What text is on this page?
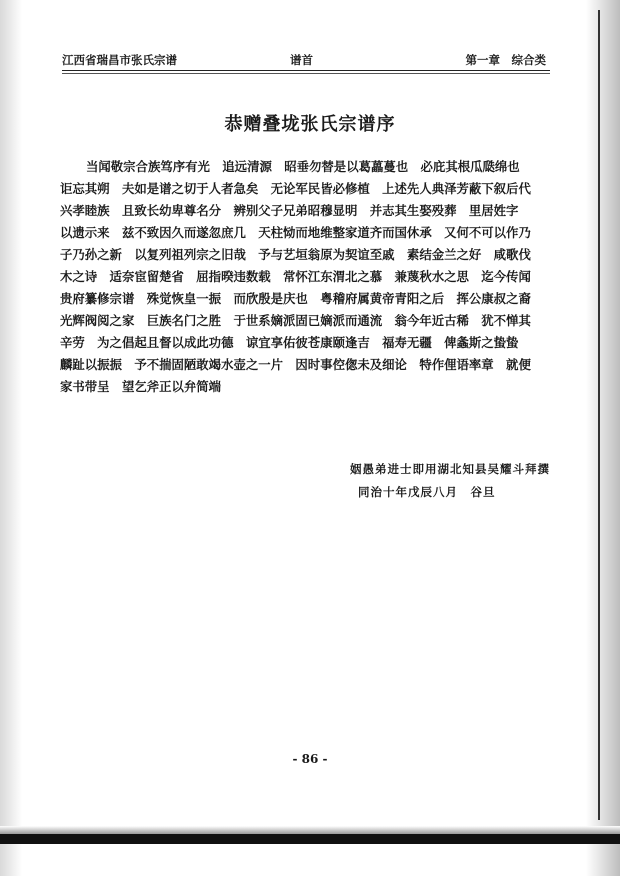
江西省瑞昌市张氏宗谱	谱首	第一章　综合类
恭赠叠垅张氏宗谱序
当闻敬宗合族笃序有光　追远清源　昭垂勿替是以葛藟蔓也　必庇其根瓜瓞绵也
讵忘其朔　夫如是谱之切于人者急矣　无论军民皆必修植　上述先人典泽芳蔽下叙后代
兴孝睦族　且致长幼卑尊名分　辨别父子兄弟昭穆显明　并志其生娶殁葬　里居姓字
以遗示来　兹不致因久而遂忽庶几　天柱恸而地维整家道齐而国休承　又何不可以作乃
子乃孙之新　以复列祖列宗之旧哉　予与艺垣翁原为契谊至戚　素结金兰之好　咸歌伐
木之诗　适奈宦留楚省　屈指暌违数载　常怀江东渭北之慕　兼蔑秋水之思　迄今传闻
贵府纂修宗谱　殊觉恢皇一振　而欣殷是庆也　粤稽府属黄帝青阳之后　挥公康叔之裔
光辉阀阅之家　巨族名门之胜　于世系嫡派固已嫡派而通流　翁今年近古稀　犹不惮其
辛劳　为之倡起且督以成此功德　谅宜享佑彼苍康颐逢吉　福寿无疆　俾螽斯之蛰蛰
麟趾以振振　予不揣固陋敢竭水壶之一片　因时事倥偬未及细论　特作俚语率章　就便
家书带呈　望乞斧正以弁简端
姻愚弟进士即用湖北知县吴耀斗拜撰
同治十年戊辰八月　谷旦
- 86 -
